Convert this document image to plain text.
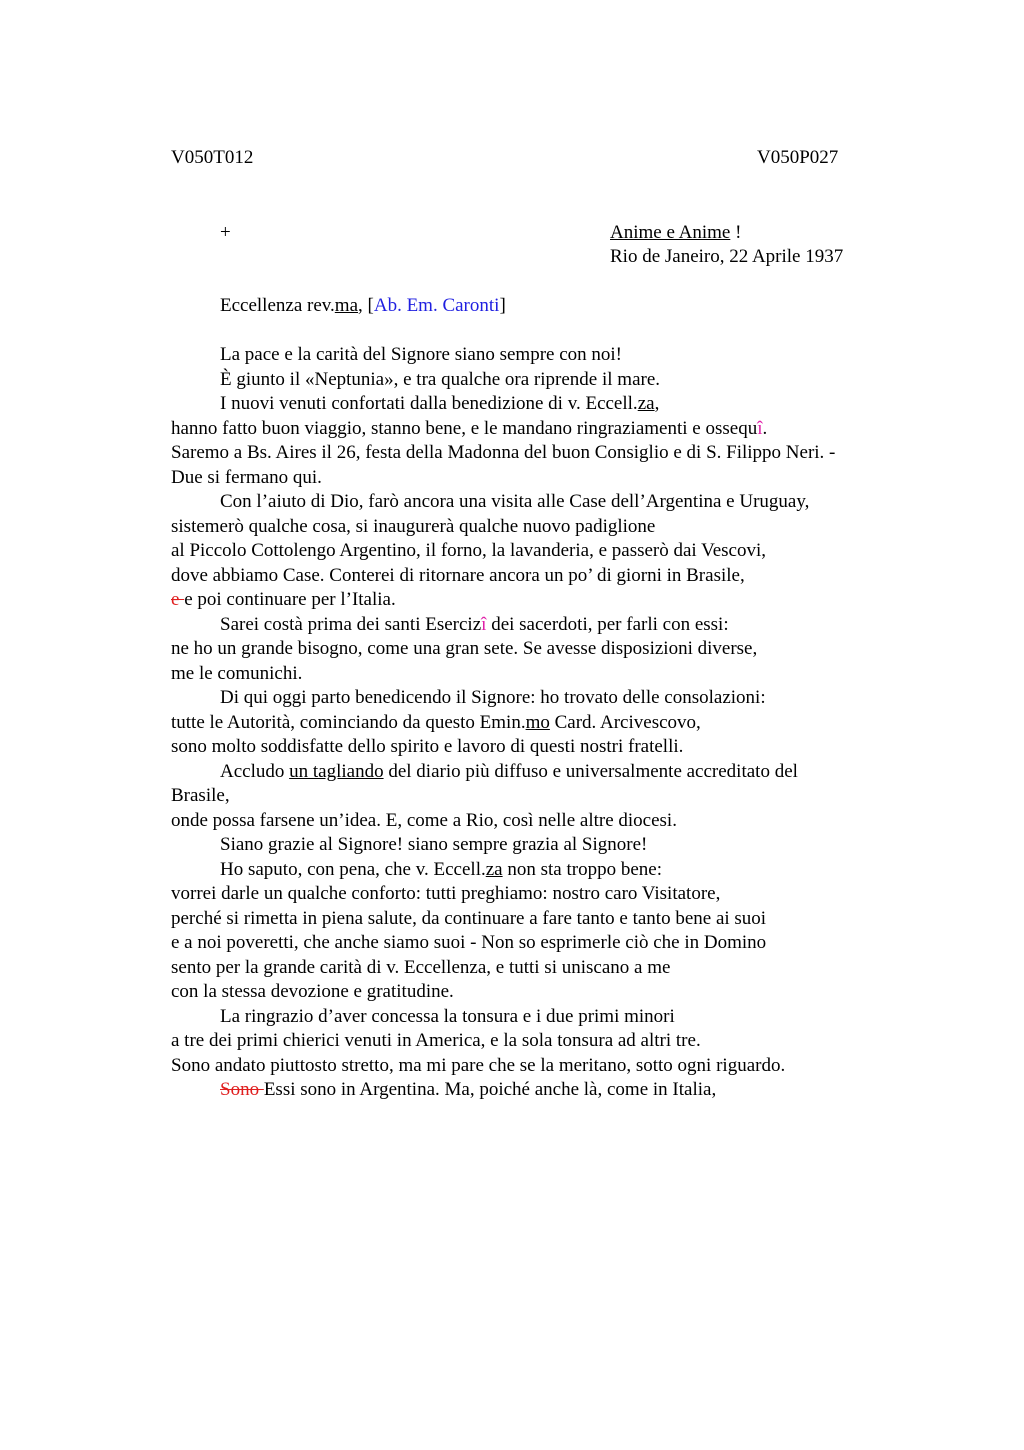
V050T012	V050P027
+	Anime e Anime !
Rio de Janeiro, 22 Aprile 1937
Eccellenza rev.ma, [Ab. Em. Caronti]
La pace e la carità del Signore siano sempre con noi!
È giunto il «Neptunia», e tra qualche ora riprende il mare.
I nuovi venuti confortati dalla benedizione di v. Eccell.za,
hanno fatto buon viaggio, stanno bene, e le mandano ringraziamenti e ossequî.
Saremo a Bs. Aires il 26, festa della Madonna del buon Consiglio e di S. Filippo Neri. -
Due si fermano qui.
Con l’aiuto di Dio, farò ancora una visita alle Case dell’Argentina e Uruguay,
sistemerò qualche cosa, si inaugurerà qualche nuovo padiglione
al Piccolo Cottolengo Argentino, il forno, la lavanderia, e passerò dai Vescovi,
dove abbiamo Case. Conterei di ritornare ancora un po’ di giorni in Brasile,
e e poi continuare per l’Italia.
Sarei costà prima dei santi Esercizî dei sacerdoti, per farli con essi:
ne ho un grande bisogno, come una gran sete. Se avesse disposizioni diverse,
me le comunichi.
Di qui oggi parto benedicendo il Signore: ho trovato delle consolazioni:
tutte le Autorità, cominciando da questo Emin.mo Card. Arcivescovo,
sono molto soddisfatte dello spirito e lavoro di questi nostri fratelli.
Accludo un tagliando del diario più diffuso e universalmente accreditato del
Brasile,
onde possa farsene un’idea. E, come a Rio, così nelle altre diocesi.
Siano grazie al Signore! siano sempre grazia al Signore!
Ho saputo, con pena, che v. Eccell.za non sta troppo bene:
vorrei darle un qualche conforto: tutti preghiamo: nostro caro Visitatore,
perché si rimetta in piena salute, da continuare a fare tanto e tanto bene ai suoi
e a noi poveretti, che anche siamo suoi - Non so esprimerle ciò che in Domino
sento per la grande carità di v. Eccellenza, e tutti si uniscano a me
con la stessa devozione e gratitudine.
La ringrazio d’aver concessa la tonsura e i due primi minori
a tre dei primi chierici venuti in America, e la sola tonsura ad altri tre.
Sono andato piuttosto stretto, ma mi pare che se la meritano, sotto ogni riguardo.
Sono Essi sono in Argentina. Ma, poiché anche là, come in Italia,
